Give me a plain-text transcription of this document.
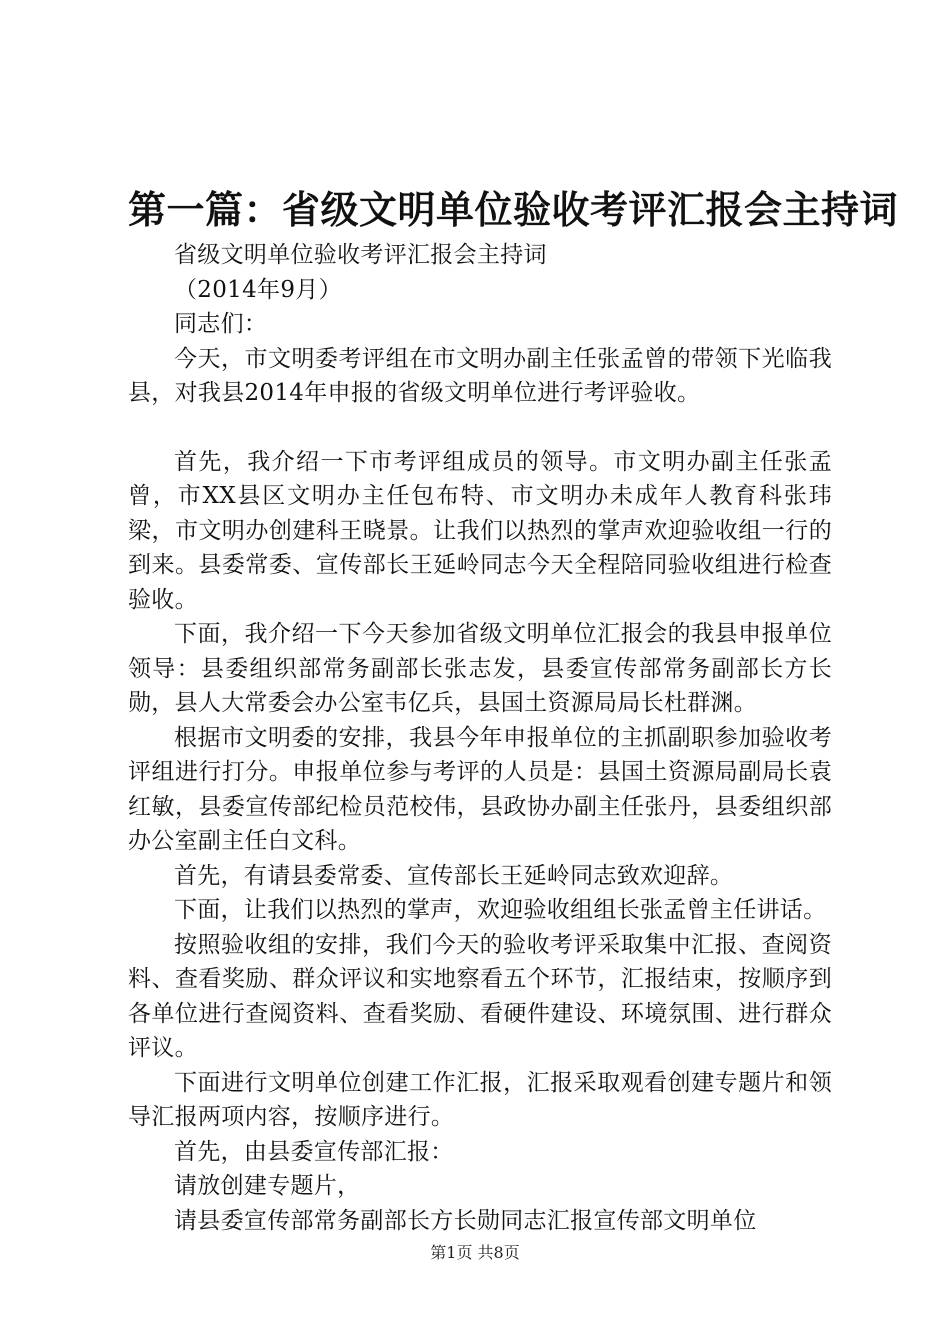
第一篇：省级文明单位验收考评汇报会主持词

省级文明单位验收考评汇报会主持词

（2014年9月）

同志们：

今天，市文明委考评组在市文明办副主任张孟曾的带领下光临我县，对我县2014年申报的省级文明单位进行考评验收。

首先，我介绍一下市考评组成员的领导。市文明办副主任张孟曾，市XX县区文明办主任包布特、市文明办未成年人教育科张玮梁，市文明办创建科王晓景。让我们以热烈的掌声欢迎验收组一行的到来。县委常委、宣传部长王延岭同志今天全程陪同验收组进行检查验收。

下面，我介绍一下今天参加省级文明单位汇报会的我县申报单位领导：县委组织部常务副部长张志发，县委宣传部常务副部长方长勋，县人大常委会办公室韦亿兵，县国土资源局局长杜群渊。

根据市文明委的安排，我县今年申报单位的主抓副职参加验收考评组进行打分。申报单位参与考评的人员是：县国土资源局副局长袁红敏，县委宣传部纪检员范校伟，县政协办副主任张丹，县委组织部办公室副主任白文科。

首先，有请县委常委、宣传部长王延岭同志致欢迎辞。

下面，让我们以热烈的掌声，欢迎验收组组长张孟曾主任讲话。

按照验收组的安排，我们今天的验收考评采取集中汇报、查阅资料、查看奖励、群众评议和实地察看五个环节，汇报结束，按顺序到各单位进行查阅资料、查看奖励、看硬件建设、环境氛围、进行群众评议。

下面进行文明单位创建工作汇报，汇报采取观看创建专题片和领导汇报两项内容，按顺序进行。

首先，由县委宣传部汇报：

请放创建专题片，

请县委宣传部常务副部长方长勋同志汇报宣传部文明单位

第1页 共8页
